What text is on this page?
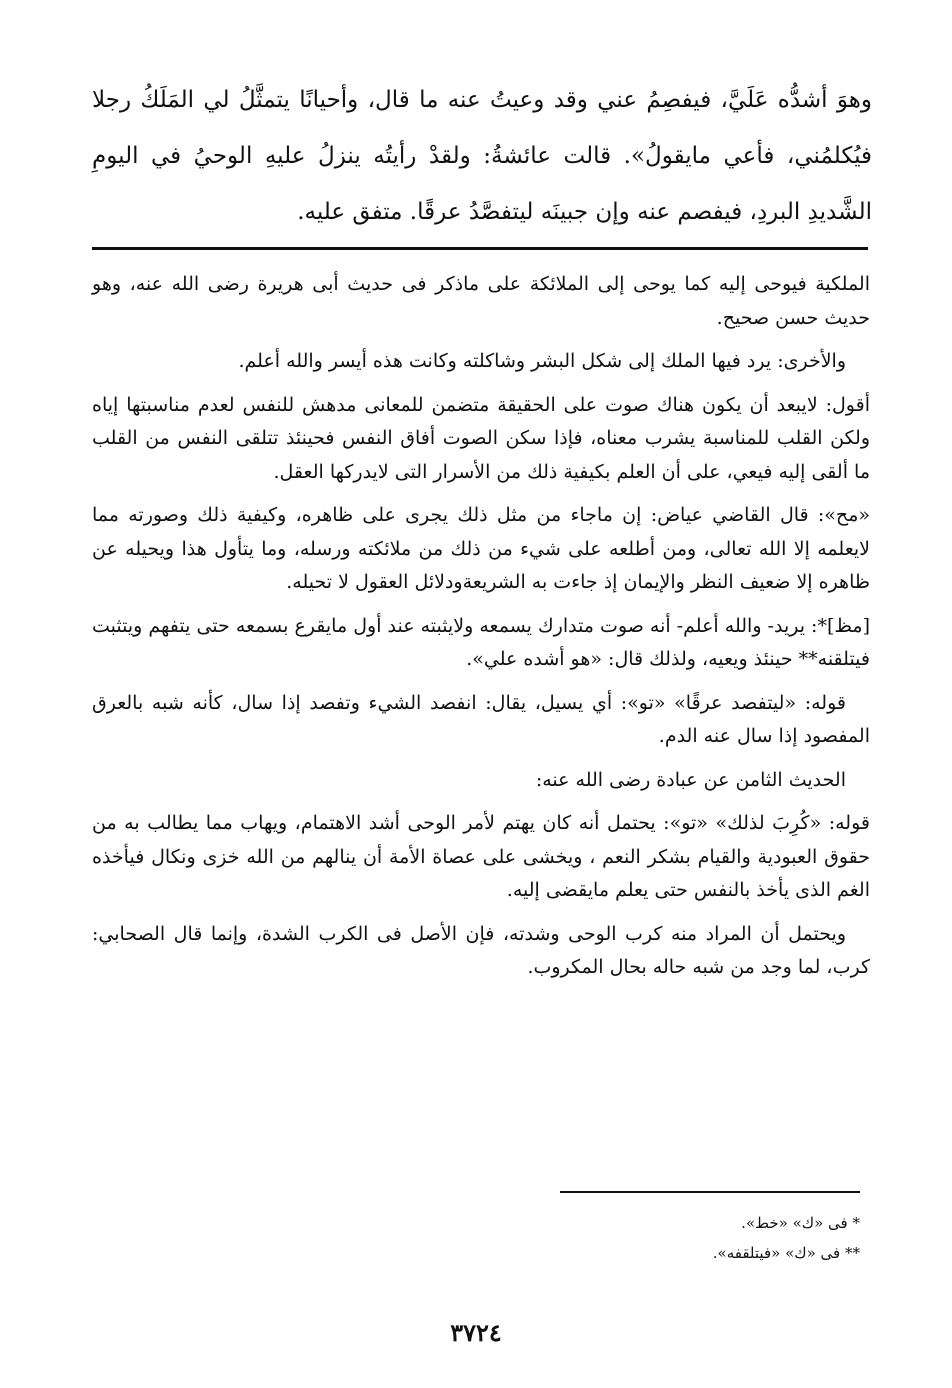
وهوَ أشدُّه عَلَيَّ، فيفصِمُ عني وقد وعيتُ عنه ما قال، وأحيانًا يتمثَّلُ لي المَلَكُ رجلا فيُكلمُني، فأعي مايقولُ». قالت عائشةُ: ولقدْ رأيتُه ينزلُ عليهِ الوحيُ في اليومِ الشَّديدِ البردِ، فيفصم عنه وإن جبينَه ليتفصَّدُ عرقًا. متفق عليه.

الملكية فيوحى إليه كما يوحى إلى الملائكة على ماذكر فى حديث أبى هريرة رضى الله عنه، وهو حديث حسن صحيح.

والأخرى: يرد فيها الملك إلى شكل البشر وشاكلته وكانت هذه أيسر والله أعلم.

أقول: لايبعد أن يكون هناك صوت على الحقيقة متضمن للمعانى مدهش للنفس لعدم مناسبتها إياه ولكن القلب للمناسبة يشرب معناه، فإذا سكن الصوت أفاق النفس فحينئذ تتلقى النفس من القلب ما ألقى إليه فيعي، على أن العلم بكيفية ذلك من الأسرار التى لايدركها العقل.

«مح»: قال القاضي عياض: إن ماجاء من مثل ذلك يجرى على ظاهره، وكيفية ذلك وصورته مما لايعلمه إلا الله تعالى، ومن أطلعه على شيء من ذلك من ملائكته ورسله، وما يتأول هذا ويحيله عن ظاهره إلا ضعيف النظر والإيمان إذ جاءت به الشريعةودلائل العقول لا تحيله.

[مظ]*: يريد- والله أعلم- أنه صوت متدارك يسمعه ولايثبته عند أول مايقرع بسمعه حتى يتفهم ويتثبت فيتلقنه** حينئذ ويعيه، ولذلك قال: «هو أشده علي».

قوله: «ليتفصد عرقًا» «تو»: أي يسيل، يقال: انفصد الشيء وتفصد إذا سال، كأنه شبه بالعرق المفصود إذا سال عنه الدم.

الحديث الثامن عن عبادة رضى الله عنه:

قوله: «كُرِبَ لذلك» «تو»: يحتمل أنه كان يهتم لأمر الوحى أشد الاهتمام، ويهاب مما يطالب به من حقوق العبودية والقيام بشكر النعم ، ويخشى على عصاة الأمة أن ينالهم من الله خزى ونكال فيأخذه الغم الذى يأخذ بالنفس حتى يعلم مايقضى إليه.

ويحتمل أن المراد منه كرب الوحى وشدته، فإن الأصل فى الكرب الشدة، وإنما قال الصحابي: كرب، لما وجد من شبه حاله بحال المكروب.

* فى «ك» «خط».

** فى «ك» «فيتلقفه».

٣٧٢٤
